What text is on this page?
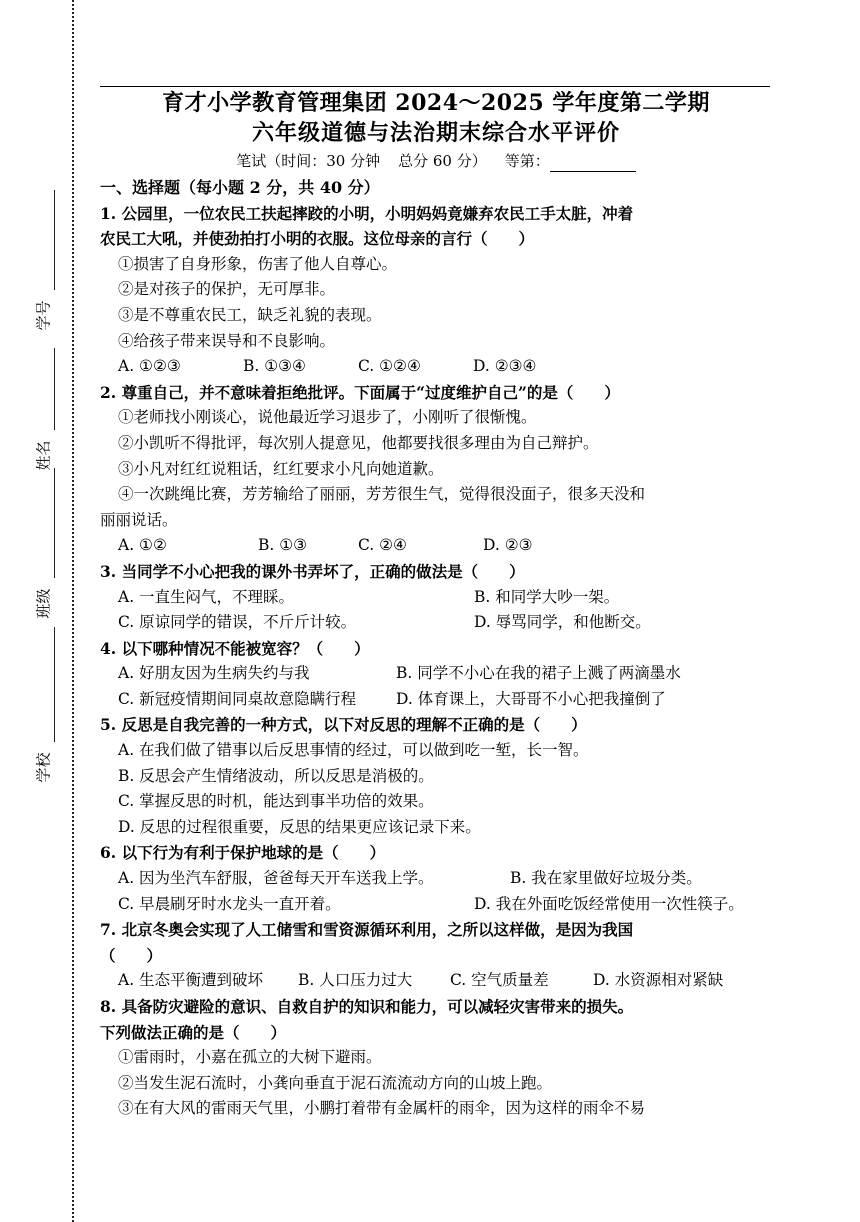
学号
姓名
班级
学校
育才小学教育管理集团 2024～2025 学年度第二学期
六年级道德与法治期末综合水平评价
笔试（时间：30 分钟 总分 60 分） 等第：
一、选择题（每小题 2 分，共 40 分）
1. 公园里，一位农民工扶起摔跤的小明，小明妈妈竟嫌弃农民工手太脏，冲着
农民工大吼，并使劲拍打小明的衣服。这位母亲的言行（　　）
①损害了自身形象，伤害了他人自尊心。
②是对孩子的保护，无可厚非。
③是不尊重农民工，缺乏礼貌的表现。
④给孩子带来误导和不良影响。
A. ①②③	B. ①③④	C. ①②④	D. ②③④
2. 尊重自己，并不意味着拒绝批评。下面属于“过度维护自己”的是（　　）
①老师找小刚谈心，说他最近学习退步了，小刚听了很惭愧。
②小凯听不得批评，每次别人提意见，他都要找很多理由为自己辩护。
③小凡对红红说粗话，红红要求小凡向她道歉。
④一次跳绳比赛，芳芳输给了丽丽，芳芳很生气，觉得很没面子，很多天没和
丽丽说话。
A. ①②	B. ①③	C. ②④	D. ②③
3. 当同学不小心把我的课外书弄坏了，正确的做法是（　　）
A. 一直生闷气，不理睬。	B. 和同学大吵一架。
C. 原谅同学的错误，不斤斤计较。	D. 辱骂同学，和他断交。
4. 以下哪种情况不能被宽容？（　　）
A. 好朋友因为生病失约与我	B. 同学不小心在我的裙子上溅了两滴墨水
C. 新冠疫情期间同桌故意隐瞒行程	D. 体育课上，大哥哥不小心把我撞倒了
5. 反思是自我完善的一种方式，以下对反思的理解不正确的是（　　）
A. 在我们做了错事以后反思事情的经过，可以做到吃一堑，长一智。
B. 反思会产生情绪波动，所以反思是消极的。
C. 掌握反思的时机，能达到事半功倍的效果。
D. 反思的过程很重要，反思的结果更应该记录下来。
6. 以下行为有利于保护地球的是（　　）
A. 因为坐汽车舒服，爸爸每天开车送我上学。	B. 我在家里做好垃圾分类。
C. 早晨刷牙时水龙头一直开着。	D. 我在外面吃饭经常使用一次性筷子。
7. 北京冬奥会实现了人工储雪和雪资源循环利用，之所以这样做，是因为我国
（　　）
A. 生态平衡遭到破坏	B. 人口压力过大	C. 空气质量差	D. 水资源相对紧缺
8. 具备防灾避险的意识、自救自护的知识和能力，可以减轻灾害带来的损失。
下列做法正确的是（　　）
①雷雨时，小嘉在孤立的大树下避雨。
②当发生泥石流时，小龚向垂直于泥石流流动方向的山坡上跑。
③在有大风的雷雨天气里，小鹏打着带有金属杆的雨伞，因为这样的雨伞不易
